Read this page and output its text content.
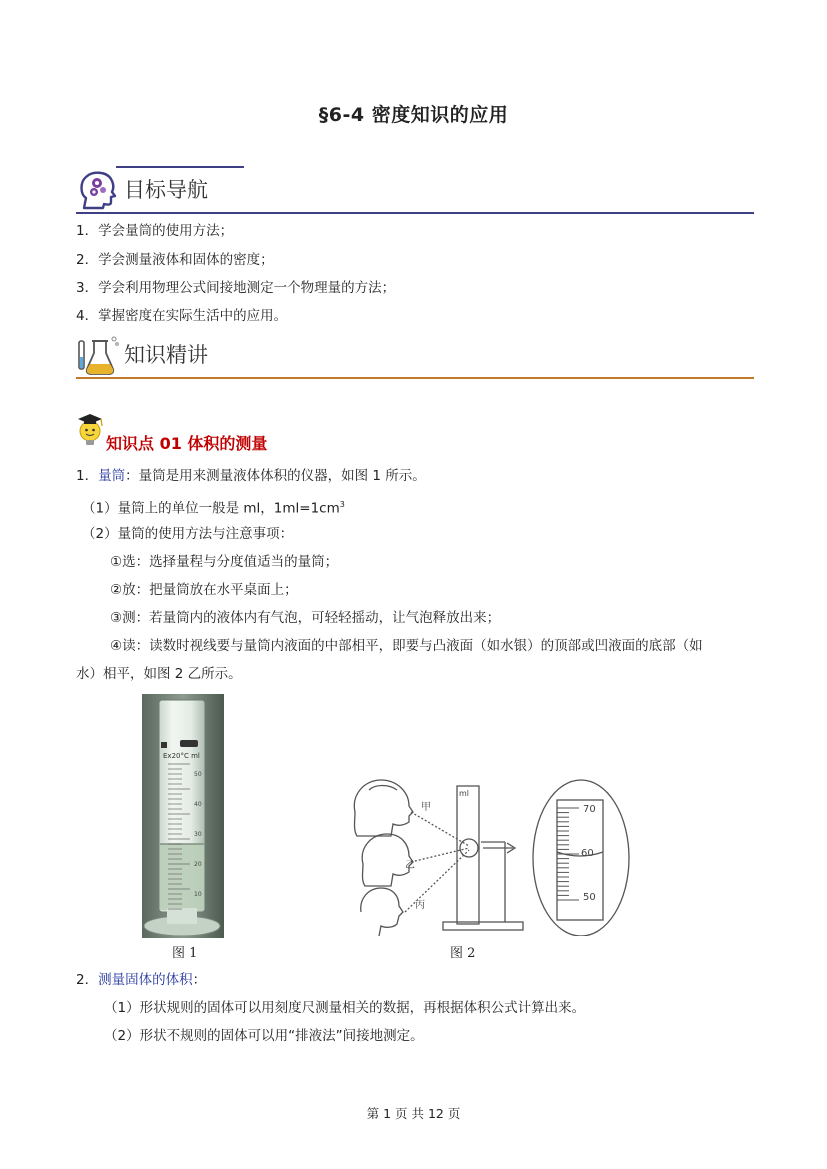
§6-4 密度知识的应用
目标导航
1．学会量筒的使用方法；
2．学会测量液体和固体的密度；
3．学会利用物理公式间接地测定一个物理量的方法；
4．掌握密度在实际生活中的应用。
知识精讲
知识点 01 体积的测量
1．量筒：量筒是用来测量液体体积的仪器，如图 1 所示。
（1）量筒上的单位一般是 ml，$1ml=1cm^3$
（2）量筒的使用方法与注意事项：
①选：选择量程与分度值适当的量筒；
②放：把量筒放在水平桌面上；
③测：若量筒内的液体内有气泡，可轻轻摇动，让气泡释放出来；
④读：读数时视线要与量筒内液面的中部相平，即要与凸液面（如水银）的顶部或凹液面的底部（如
水）相平，如图 2 乙所示。
Ex20°C ml
50
40
30
20
10
图 1
甲
乙
丙
ml
70
60
50
图 2
2．测量固体的体积：
（1）形状规则的固体可以用刻度尺测量相关的数据，再根据体积公式计算出来。
（2）形状不规则的固体可以用“排液法”间接地测定。
第 1 页 共 12 页
